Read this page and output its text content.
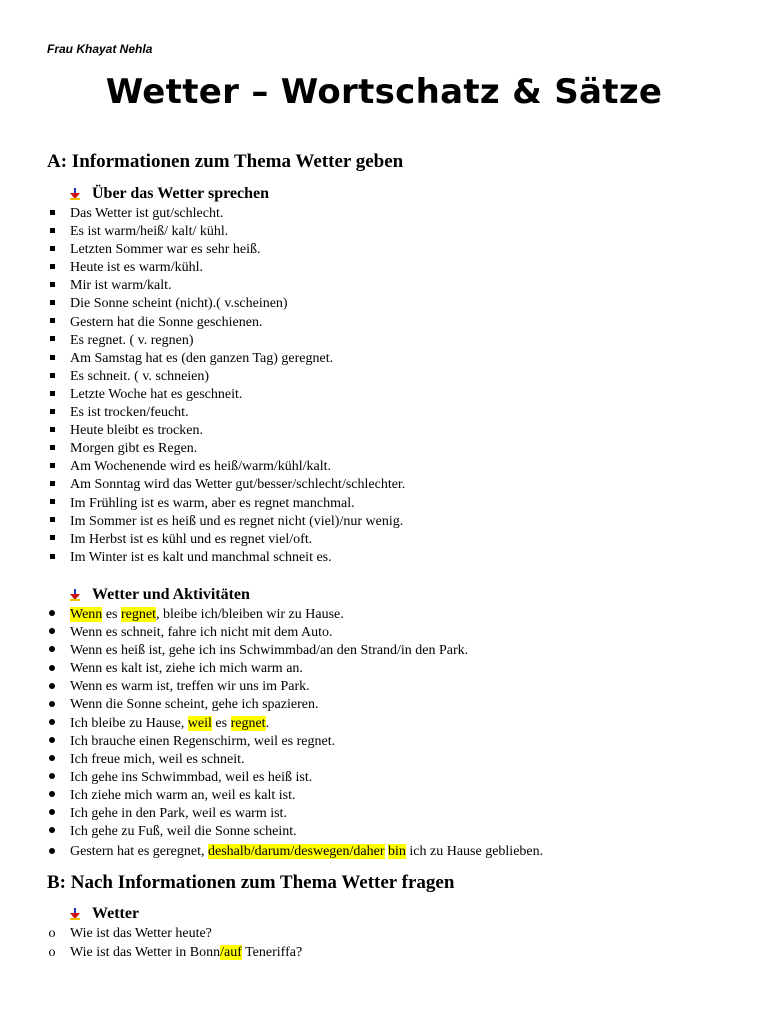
Frau Khayat Nehla
Wetter – Wortschatz & Sätze
A: Informationen zum Thema Wetter geben
Über das Wetter sprechen
Das Wetter ist gut/schlecht.
Es ist warm/heiß/ kalt/ kühl.
Letzten Sommer war es sehr heiß.
Heute ist es warm/kühl.
Mir ist warm/kalt.
Die Sonne scheint (nicht).( v.scheinen)
Gestern hat die Sonne geschienen.
Es regnet. ( v. regnen)
Am Samstag hat es (den ganzen Tag) geregnet.
Es schneit. ( v. schneien)
Letzte Woche hat es geschneit.
Es ist trocken/feucht.
Heute bleibt es trocken.
Morgen gibt es Regen.
Am Wochenende wird es heiß/warm/kühl/kalt.
Am Sonntag wird das Wetter gut/besser/schlecht/schlechter.
Im Frühling ist es warm, aber es regnet manchmal.
Im Sommer ist es heiß und es regnet nicht (viel)/nur wenig.
Im Herbst ist es kühl und es regnet viel/oft.
Im Winter ist es kalt und manchmal schneit es.
Wetter und Aktivitäten
Wenn es regnet, bleibe ich/bleiben wir zu Hause.
Wenn es schneit, fahre ich nicht mit dem Auto.
Wenn es heiß ist, gehe ich ins Schwimmbad/an den Strand/in den Park.
Wenn es kalt ist, ziehe ich mich warm an.
Wenn es warm ist, treffen wir uns im Park.
Wenn die Sonne scheint, gehe ich spazieren.
Ich bleibe zu Hause, weil es regnet.
Ich brauche einen Regenschirm, weil es regnet.
Ich freue mich, weil es schneit.
Ich gehe ins Schwimmbad, weil es heiß ist.
Ich ziehe mich warm an, weil es kalt ist.
Ich gehe in den Park, weil es warm ist.
Ich gehe zu Fuß, weil die Sonne scheint.
Gestern hat es geregnet, deshalb/darum/deswegen/daher bin ich zu Hause geblieben.
B: Nach Informationen zum Thema Wetter fragen
Wetter
o Wie ist das Wetter heute?
o Wie ist das Wetter in Bonn/auf Teneriffa?
